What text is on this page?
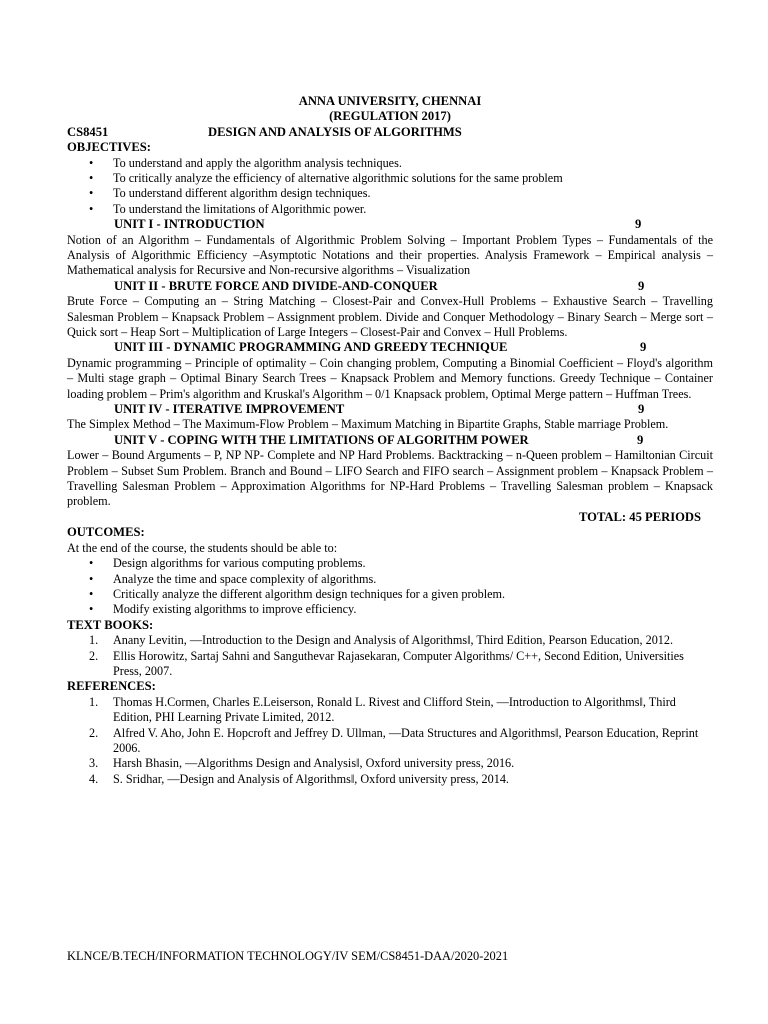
ANNA UNIVERSITY, CHENNAI
(REGULATION 2017)
CS8451	DESIGN AND ANALYSIS OF ALGORITHMS
OBJECTIVES:
• To understand and apply the algorithm analysis techniques.
• To critically analyze the efficiency of alternative algorithmic solutions for the same problem
• To understand different algorithm design techniques.
• To understand the limitations of Algorithmic power.
UNIT I - INTRODUCTION	9
Notion of an Algorithm – Fundamentals of Algorithmic Problem Solving – Important Problem Types – Fundamentals of the Analysis of Algorithmic Efficiency –Asymptotic Notations and their properties. Analysis Framework – Empirical analysis – Mathematical analysis for Recursive and Non-recursive algorithms – Visualization
UNIT II - BRUTE FORCE AND DIVIDE-AND-CONQUER	9
Brute Force – Computing an – String Matching – Closest-Pair and Convex-Hull Problems – Exhaustive Search – Travelling Salesman Problem – Knapsack Problem – Assignment problem. Divide and Conquer Methodology – Binary Search – Merge sort – Quick sort – Heap Sort – Multiplication of Large Integers – Closest-Pair and Convex – Hull Problems.
UNIT III - DYNAMIC PROGRAMMING AND GREEDY TECHNIQUE	9
Dynamic programming – Principle of optimality – Coin changing problem, Computing a Binomial Coefficient – Floyd's algorithm – Multi stage graph – Optimal Binary Search Trees – Knapsack Problem and Memory functions. Greedy Technique – Container loading problem – Prim's algorithm and Kruskal's Algorithm – 0/1 Knapsack problem, Optimal Merge pattern – Huffman Trees.
UNIT IV - ITERATIVE IMPROVEMENT	9
The Simplex Method – The Maximum-Flow Problem – Maximum Matching in Bipartite Graphs, Stable marriage Problem.
UNIT V - COPING WITH THE LIMITATIONS OF ALGORITHM POWER	9
Lower – Bound Arguments – P, NP NP- Complete and NP Hard Problems. Backtracking – n-Queen problem – Hamiltonian Circuit Problem – Subset Sum Problem. Branch and Bound – LIFO Search and FIFO search – Assignment problem – Knapsack Problem – Travelling Salesman Problem – Approximation Algorithms for NP-Hard Problems – Travelling Salesman problem – Knapsack problem.
TOTAL: 45 PERIODS
OUTCOMES:
At the end of the course, the students should be able to:
• Design algorithms for various computing problems.
• Analyze the time and space complexity of algorithms.
• Critically analyze the different algorithm design techniques for a given problem.
• Modify existing algorithms to improve efficiency.
TEXT BOOKS:
1. Anany Levitin, ―Introduction to the Design and Analysis of Algorithms‖, Third Edition, Pearson Education, 2012.
2. Ellis Horowitz, Sartaj Sahni and Sanguthevar Rajasekaran, Computer Algorithms/ C++, Second Edition, Universities Press, 2007.
REFERENCES:
1. Thomas H.Cormen, Charles E.Leiserson, Ronald L. Rivest and Clifford Stein, ―Introduction to Algorithms‖, Third Edition, PHI Learning Private Limited, 2012.
2. Alfred V. Aho, John E. Hopcroft and Jeffrey D. Ullman, ―Data Structures and Algorithms‖, Pearson Education, Reprint 2006.
3. Harsh Bhasin, ―Algorithms Design and Analysis‖, Oxford university press, 2016.
4. S. Sridhar, ―Design and Analysis of Algorithms‖, Oxford university press, 2014.
KLNCE/B.TECH/INFORMATION TECHNOLOGY/IV SEM/CS8451-DAA/2020-2021
